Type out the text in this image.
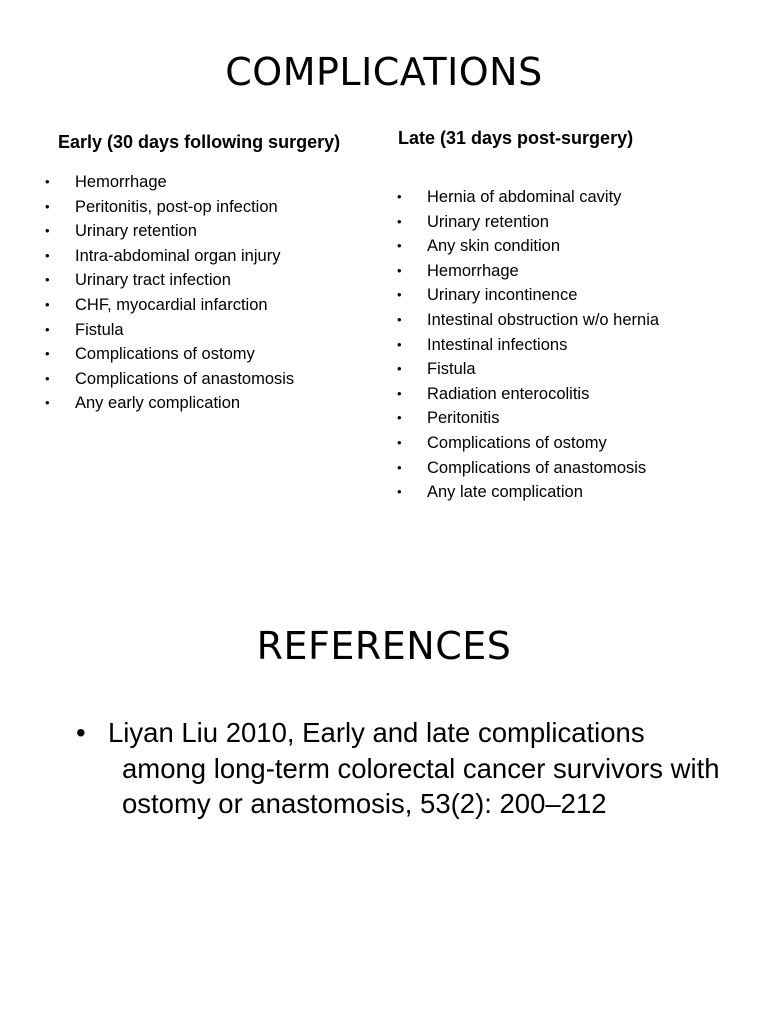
COMPLICATIONS
Early (30 days following surgery)	Late (31 days post-surgery)
• Hemorrhage
• Peritonitis, post-op infection
• Urinary retention
• Intra-abdominal organ injury
• Urinary tract infection
• CHF, myocardial infarction
• Fistula
• Complications of ostomy
• Complications of anastomosis
• Any early complication
• Hernia of abdominal cavity
• Urinary retention
• Any skin condition
• Hemorrhage
• Urinary incontinence
• Intestinal obstruction w/o hernia
• Intestinal infections
• Fistula
• Radiation enterocolitis
• Peritonitis
• Complications of ostomy
• Complications of anastomosis
• Any late complication
REFERENCES
• Liyan Liu 2010, Early and late complications among long-term colorectal cancer survivors with ostomy or anastomosis, 53(2): 200–212
